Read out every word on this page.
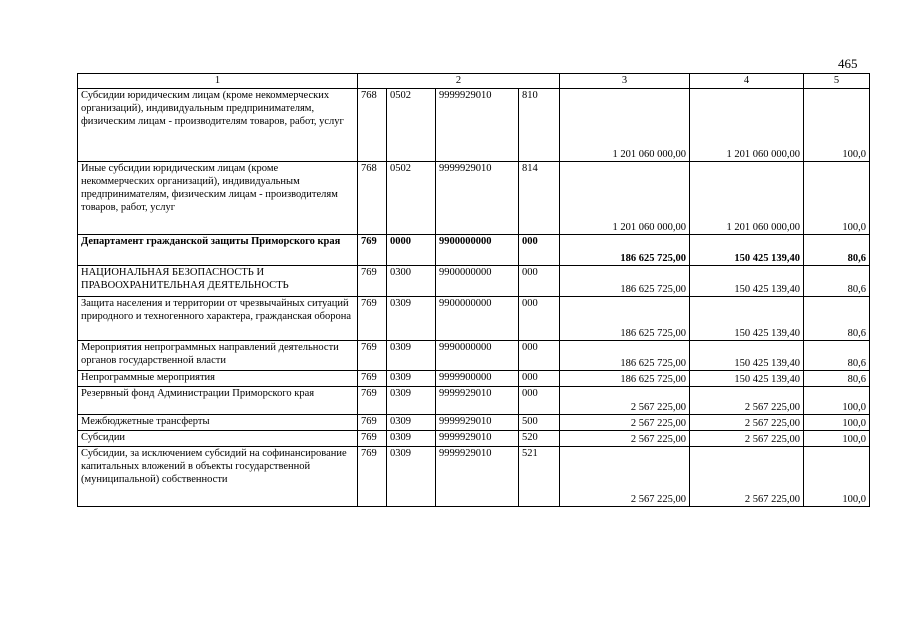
465
1	2				3	4	5
Субсидии юридическим лицам (кроме некоммерческих организаций), индивидуальным предпринимателям, физическим лицам - производителям товаров, работ, услуг	768	0502	9999929010	810	1 201 060 000,00	1 201 060 000,00	100,0
Иные субсидии юридическим лицам (кроме некоммерческих организаций), индивидуальным предпринимателям, физическим лицам - производителям товаров, работ, услуг	768	0502	9999929010	814	1 201 060 000,00	1 201 060 000,00	100,0
Департамент гражданской защиты Приморского края	769	0000	9900000000	000	186 625 725,00	150 425 139,40	80,6
НАЦИОНАЛЬНАЯ БЕЗОПАСНОСТЬ И ПРАВООХРАНИТЕЛЬНАЯ ДЕЯТЕЛЬНОСТЬ	769	0300	9900000000	000	186 625 725,00	150 425 139,40	80,6
Защита населения и территории от чрезвычайных ситуаций природного и техногенного характера, гражданская оборона	769	0309	9900000000	000	186 625 725,00	150 425 139,40	80,6
Мероприятия непрограммных направлений деятельности органов государственной власти	769	0309	9990000000	000	186 625 725,00	150 425 139,40	80,6
Непрограммные мероприятия	769	0309	9999900000	000	186 625 725,00	150 425 139,40	80,6
Резервный фонд Администрации Приморского края	769	0309	9999929010	000	2 567 225,00	2 567 225,00	100,0
Межбюджетные трансферты	769	0309	9999929010	500	2 567 225,00	2 567 225,00	100,0
Субсидии	769	0309	9999929010	520	2 567 225,00	2 567 225,00	100,0
Субсидии, за исключением субсидий на софинансирование капитальных вложений в объекты государственной (муниципальной) собственности	769	0309	9999929010	521	2 567 225,00	2 567 225,00	100,0
